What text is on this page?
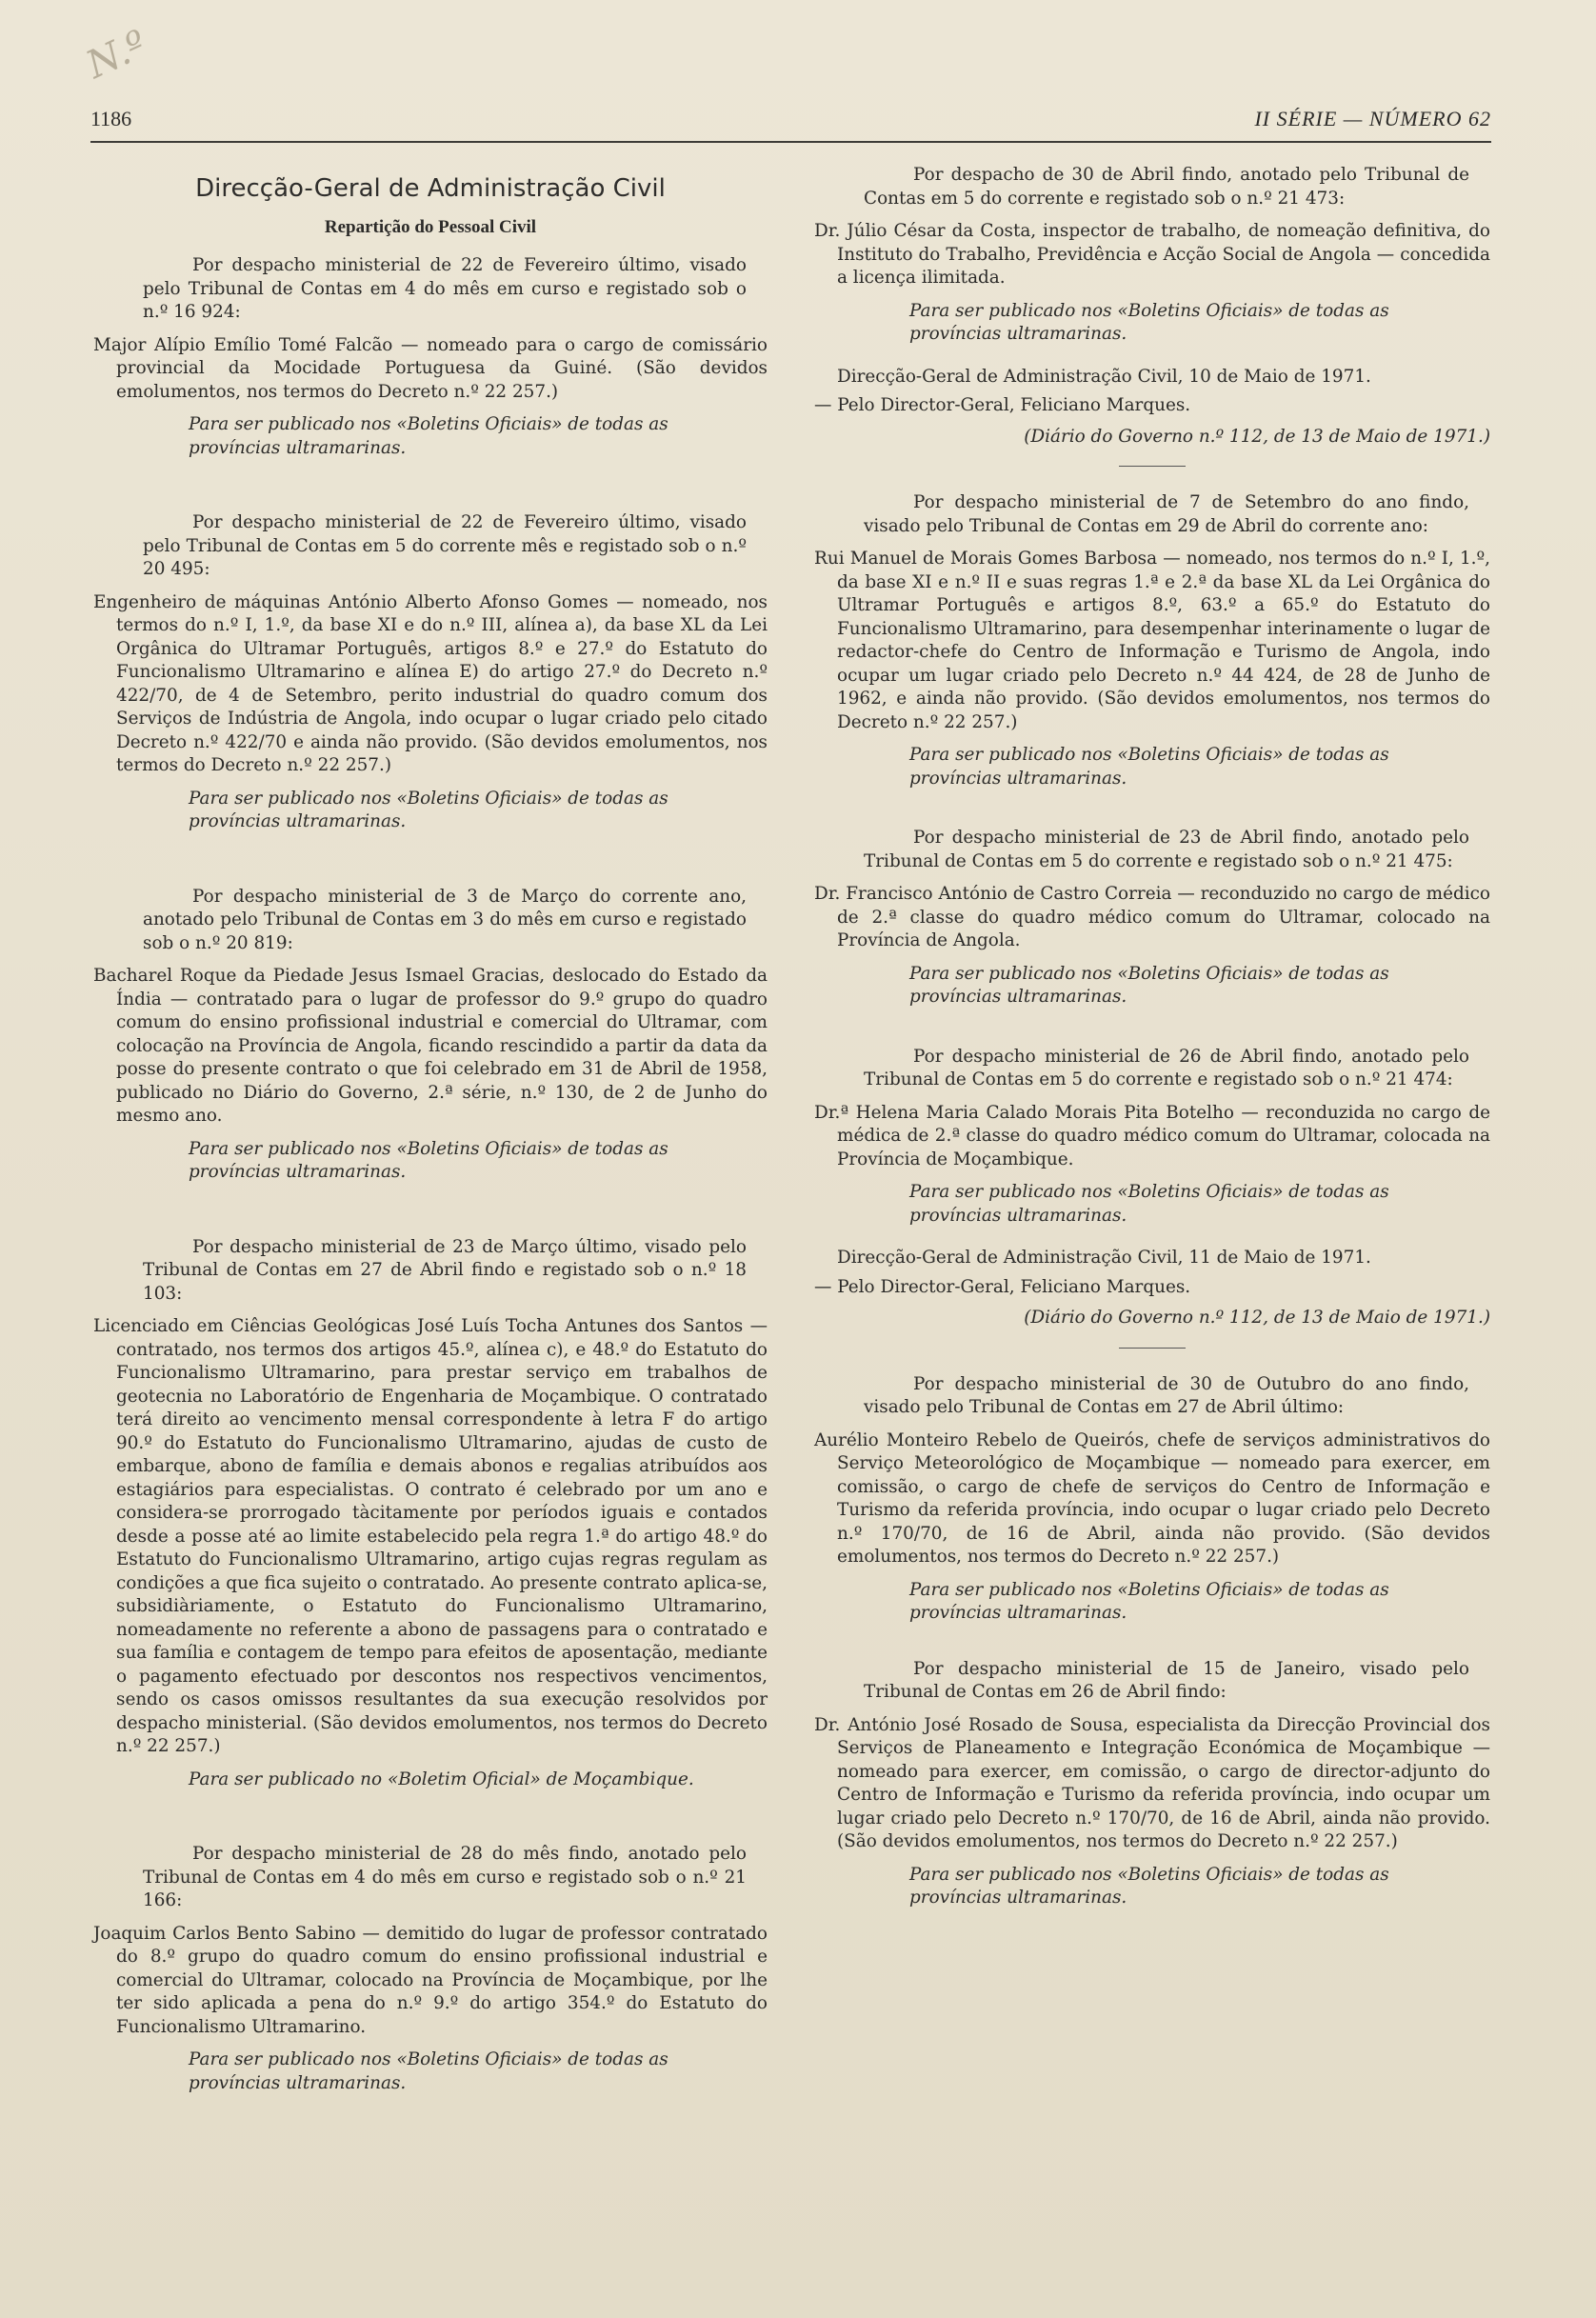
N.º
1186	II SÉRIE — NÚMERO 62
Direcção-Geral de Administração Civil
Repartição do Pessoal Civil

Por despacho ministerial de 22 de Fevereiro último, visado pelo Tribunal de Contas em 4 do mês em curso e registado sob o n.º 16 924:

Major Alípio Emílio Tomé Falcão — nomeado para o cargo de comissário provincial da Mocidade Portuguesa da Guiné. (São devidos emolumentos, nos termos do Decreto n.º 22 257.)

Para ser publicado nos «Boletins Oficiais» de todas as províncias ultramarinas.

Por despacho ministerial de 22 de Fevereiro último, visado pelo Tribunal de Contas em 5 do corrente mês e registado sob o n.º 20 495:

Engenheiro de máquinas António Alberto Afonso Gomes — nomeado, nos termos do n.º I, 1.º, da base XI e do n.º III, alínea a), da base XL da Lei Orgânica do Ultramar Português, artigos 8.º e 27.º do Estatuto do Funcionalismo Ultramarino e alínea E) do artigo 27.º do Decreto n.º 422/70, de 4 de Setembro, perito industrial do quadro comum dos Serviços de Indústria de Angola, indo ocupar o lugar criado pelo citado Decreto n.º 422/70 e ainda não provido. (São devidos emolumentos, nos termos do Decreto n.º 22 257.)

Para ser publicado nos «Boletins Oficiais» de todas as províncias ultramarinas.

Por despacho ministerial de 3 de Março do corrente ano, anotado pelo Tribunal de Contas em 3 do mês em curso e registado sob o n.º 20 819:

Bacharel Roque da Piedade Jesus Ismael Gracias, deslocado do Estado da Índia — contratado para o lugar de professor do 9.º grupo do quadro comum do ensino profissional industrial e comercial do Ultramar, com colocação na Província de Angola, ficando rescindido a partir da data da posse do presente contrato o que foi celebrado em 31 de Abril de 1958, publicado no Diário do Governo, 2.ª série, n.º 130, de 2 de Junho do mesmo ano.

Para ser publicado nos «Boletins Oficiais» de todas as províncias ultramarinas.

Por despacho ministerial de 23 de Março último, visado pelo Tribunal de Contas em 27 de Abril findo e registado sob o n.º 18 103:

Licenciado em Ciências Geológicas José Luís Tocha Antunes dos Santos — contratado, nos termos dos artigos 45.º, alínea c), e 48.º do Estatuto do Funcionalismo Ultramarino, para prestar serviço em trabalhos de geotecnia no Laboratório de Engenharia de Moçambique. O contratado terá direito ao vencimento mensal correspondente à letra F do artigo 90.º do Estatuto do Funcionalismo Ultramarino, ajudas de custo de embarque, abono de família e demais abonos e regalias atribuídos aos estagiários para especialistas. O contrato é celebrado por um ano e considera-se prorrogado tàcitamente por períodos iguais e contados desde a posse até ao limite estabelecido pela regra 1.ª do artigo 48.º do Estatuto do Funcionalismo Ultramarino, artigo cujas regras regulam as condições a que fica sujeito o contratado. Ao presente contrato aplica-se, subsidiàriamente, o Estatuto do Funcionalismo Ultramarino, nomeadamente no referente a abono de passagens para o contratado e sua família e contagem de tempo para efeitos de aposentação, mediante o pagamento efectuado por descontos nos respectivos vencimentos, sendo os casos omissos resultantes da sua execução resolvidos por despacho ministerial. (São devidos emolumentos, nos termos do Decreto n.º 22 257.)

Para ser publicado no «Boletim Oficial» de Moçambique.

Por despacho ministerial de 28 do mês findo, anotado pelo Tribunal de Contas em 4 do mês em curso e registado sob o n.º 21 166:

Joaquim Carlos Bento Sabino — demitido do lugar de professor contratado do 8.º grupo do quadro comum do ensino profissional industrial e comercial do Ultramar, colocado na Província de Moçambique, por lhe ter sido aplicada a pena do n.º 9.º do artigo 354.º do Estatuto do Funcionalismo Ultramarino.

Para ser publicado nos «Boletins Oficiais» de todas as províncias ultramarinas.

Por despacho de 30 de Abril findo, anotado pelo Tribunal de Contas em 5 do corrente e registado sob o n.º 21 473:

Dr. Júlio César da Costa, inspector de trabalho, de nomeação definitiva, do Instituto do Trabalho, Previdência e Acção Social de Angola — concedida a licença ilimitada.

Para ser publicado nos «Boletins Oficiais» de todas as províncias ultramarinas.

Direcção-Geral de Administração Civil, 10 de Maio de 1971.

— Pelo Director-Geral, Feliciano Marques.

(Diário do Governo n.º 112, de 13 de Maio de 1971.)

Por despacho ministerial de 7 de Setembro do ano findo, visado pelo Tribunal de Contas em 29 de Abril do corrente ano:

Rui Manuel de Morais Gomes Barbosa — nomeado, nos termos do n.º I, 1.º, da base XI e n.º II e suas regras 1.ª e 2.ª da base XL da Lei Orgânica do Ultramar Português e artigos 8.º, 63.º a 65.º do Estatuto do Funcionalismo Ultramarino, para desempenhar interinamente o lugar de redactor-chefe do Centro de Informação e Turismo de Angola, indo ocupar um lugar criado pelo Decreto n.º 44 424, de 28 de Junho de 1962, e ainda não provido. (São devidos emolumentos, nos termos do Decreto n.º 22 257.)

Para ser publicado nos «Boletins Oficiais» de todas as províncias ultramarinas.

Por despacho ministerial de 23 de Abril findo, anotado pelo Tribunal de Contas em 5 do corrente e registado sob o n.º 21 475:

Dr. Francisco António de Castro Correia — reconduzido no cargo de médico de 2.ª classe do quadro médico comum do Ultramar, colocado na Província de Angola.

Para ser publicado nos «Boletins Oficiais» de todas as províncias ultramarinas.

Por despacho ministerial de 26 de Abril findo, anotado pelo Tribunal de Contas em 5 do corrente e registado sob o n.º 21 474:

Dr.ª Helena Maria Calado Morais Pita Botelho — reconduzida no cargo de médica de 2.ª classe do quadro médico comum do Ultramar, colocada na Província de Moçambique.

Para ser publicado nos «Boletins Oficiais» de todas as províncias ultramarinas.

Direcção-Geral de Administração Civil, 11 de Maio de 1971.

— Pelo Director-Geral, Feliciano Marques.

(Diário do Governo n.º 112, de 13 de Maio de 1971.)

Por despacho ministerial de 30 de Outubro do ano findo, visado pelo Tribunal de Contas em 27 de Abril último:

Aurélio Monteiro Rebelo de Queirós, chefe de serviços administrativos do Serviço Meteorológico de Moçambique — nomeado para exercer, em comissão, o cargo de chefe de serviços do Centro de Informação e Turismo da referida província, indo ocupar o lugar criado pelo Decreto n.º 170/70, de 16 de Abril, ainda não provido. (São devidos emolumentos, nos termos do Decreto n.º 22 257.)

Para ser publicado nos «Boletins Oficiais» de todas as províncias ultramarinas.

Por despacho ministerial de 15 de Janeiro, visado pelo Tribunal de Contas em 26 de Abril findo:

Dr. António José Rosado de Sousa, especialista da Direcção Provincial dos Serviços de Planeamento e Integração Económica de Moçambique — nomeado para exercer, em comissão, o cargo de director-adjunto do Centro de Informação e Turismo da referida província, indo ocupar um lugar criado pelo Decreto n.º 170/70, de 16 de Abril, ainda não provido. (São devidos emolumentos, nos termos do Decreto n.º 22 257.)

Para ser publicado nos «Boletins Oficiais» de todas as províncias ultramarinas.
